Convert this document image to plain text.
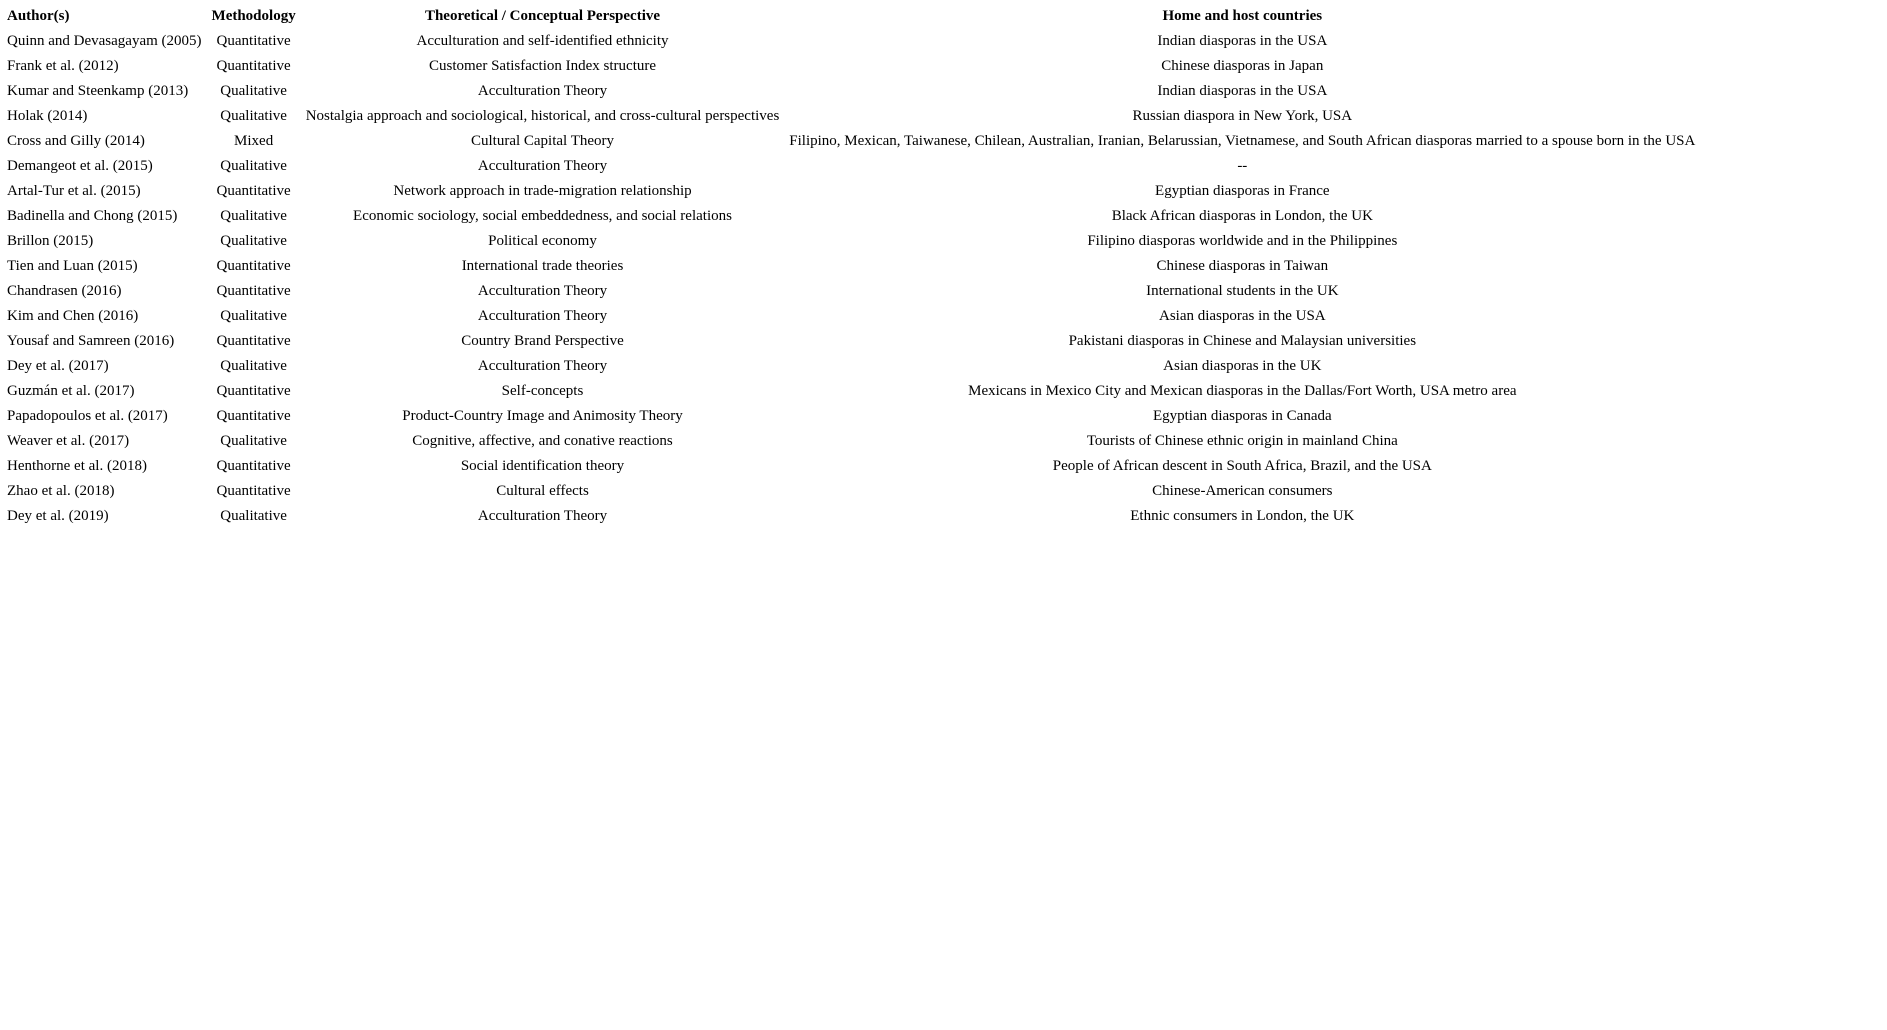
Author(s)	Methodology	Theoretical / Conceptual Perspective	Home and host countries
Quinn and Devasagayam (2005)	Quantitative	Acculturation and self-identified ethnicity	Indian diasporas in the USA
Frank et al. (2012)	Quantitative	Customer Satisfaction Index structure	Chinese diasporas in Japan
Kumar and Steenkamp (2013)	Qualitative	Acculturation Theory	Indian diasporas in the USA
Holak (2014)	Qualitative	Nostalgia approach and sociological, historical, and cross-cultural perspectives	Russian diaspora in New York, USA
Cross and Gilly (2014)	Mixed	Cultural Capital Theory	Filipino, Mexican, Taiwanese, Chilean, Australian, Iranian, Belarussian, Vietnamese, and South African diasporas married to a spouse born in the USA
Demangeot et al. (2015)	Qualitative	Acculturation Theory	--
Artal-Tur et al. (2015)	Quantitative	Network approach in trade-migration relationship	Egyptian diasporas in France
Badinella and Chong (2015)	Qualitative	Economic sociology, social embeddedness, and social relations	Black African diasporas in London, the UK
Brillon (2015)	Qualitative	Political economy	Filipino diasporas worldwide and in the Philippines
Tien and Luan (2015)	Quantitative	International trade theories	Chinese diasporas in Taiwan
Chandrasen (2016)	Quantitative	Acculturation Theory	International students in the UK
Kim and Chen (2016)	Qualitative	Acculturation Theory	Asian diasporas in the USA
Yousaf and Samreen (2016)	Quantitative	Country Brand Perspective	Pakistani diasporas in Chinese and Malaysian universities
Dey et al. (2017)	Qualitative	Acculturation Theory	Asian diasporas in the UK
Guzmán et al. (2017)	Quantitative	Self-concepts	Mexicans in Mexico City and Mexican diasporas in the Dallas/Fort Worth, USA metro area
Papadopoulos et al. (2017)	Quantitative	Product-Country Image and Animosity Theory	Egyptian diasporas in Canada
Weaver et al. (2017)	Qualitative	Cognitive, affective, and conative reactions	Tourists of Chinese ethnic origin in mainland China
Henthorne et al. (2018)	Quantitative	Social identification theory	People of African descent in South Africa, Brazil, and the USA
Zhao et al. (2018)	Quantitative	Cultural effects	Chinese-American consumers
Dey et al. (2019)	Qualitative	Acculturation Theory	Ethnic consumers in London, the UK
